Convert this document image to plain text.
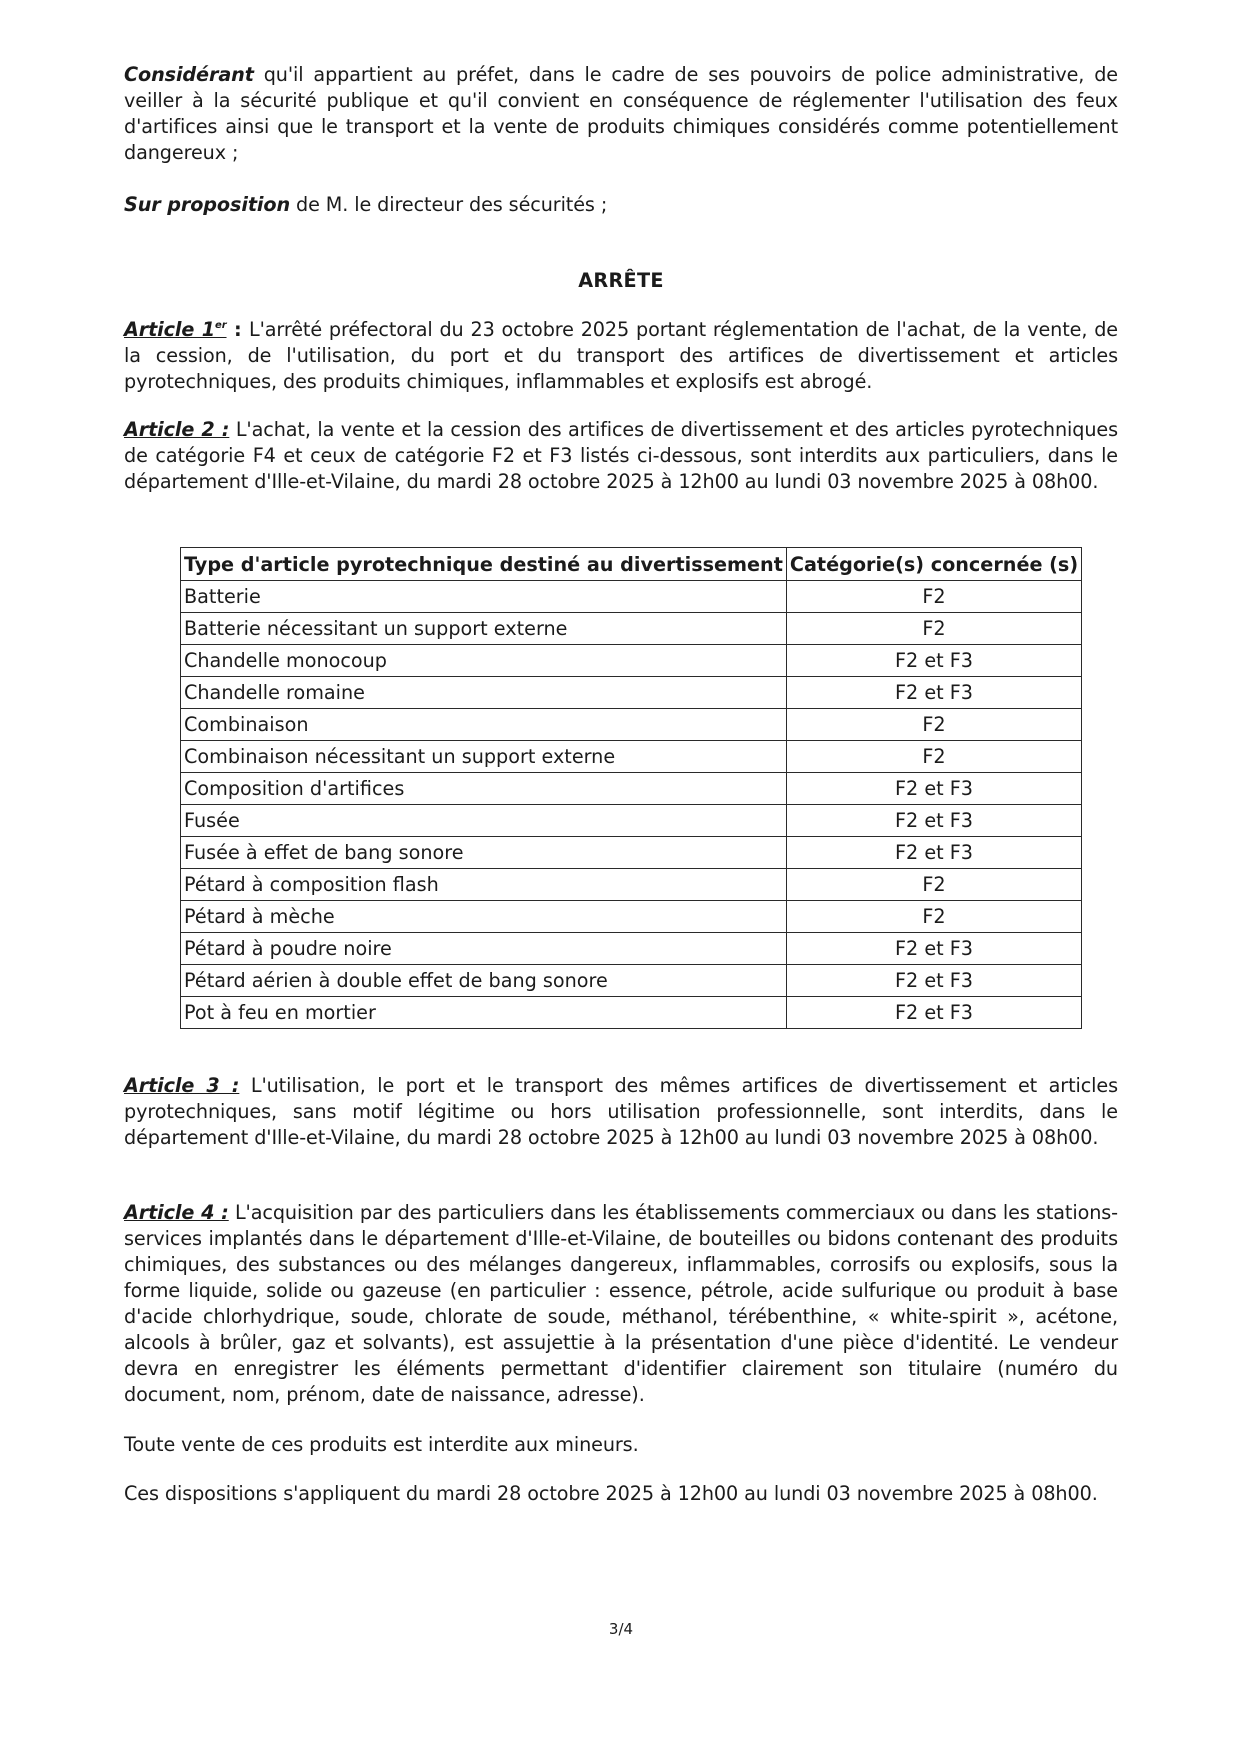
Considérant qu'il appartient au préfet, dans le cadre de ses pouvoirs de police administrative, de veiller à la sécurité publique et qu'il convient en conséquence de réglementer l'utilisation des feux d'artifices ainsi que le transport et la vente de produits chimiques considérés comme potentiellement dangereux ;

Sur proposition de M. le directeur des sécurités ;

ARRÊTE

Article 1er : L'arrêté préfectoral du 23 octobre 2025 portant réglementation de l'achat, de la vente, de la cession, de l'utilisation, du port et du transport des artifices de divertissement et articles pyrotechniques, des produits chimiques, inflammables et explosifs est abrogé.

Article 2 : L'achat, la vente et la cession des artifices de divertissement et des articles pyrotechniques de catégorie F4 et ceux de catégorie F2 et F3 listés ci-dessous, sont interdits aux particuliers, dans le département d'Ille-et-Vilaine, du mardi 28 octobre 2025 à 12h00 au lundi 03 novembre 2025 à 08h00.

Type d'article pyrotechnique destiné au divertissement	Catégorie(s) concernée (s)
Batterie	F2
Batterie nécessitant un support externe	F2
Chandelle monocoup	F2 et F3
Chandelle romaine	F2 et F3
Combinaison	F2
Combinaison nécessitant un support externe	F2
Composition d'artifices	F2 et F3
Fusée	F2 et F3
Fusée à effet de bang sonore	F2 et F3
Pétard à composition flash	F2
Pétard à mèche	F2
Pétard à poudre noire	F2 et F3
Pétard aérien à double effet de bang sonore	F2 et F3
Pot à feu en mortier	F2 et F3

Article 3 : L'utilisation, le port et le transport des mêmes artifices de divertissement et articles pyrotechniques, sans motif légitime ou hors utilisation professionnelle, sont interdits, dans le département d'Ille-et-Vilaine, du mardi 28 octobre 2025 à 12h00 au lundi 03 novembre 2025 à 08h00.

Article 4 : L'acquisition par des particuliers dans les établissements commerciaux ou dans les stations-services implantés dans le département d'Ille-et-Vilaine, de bouteilles ou bidons contenant des produits chimiques, des substances ou des mélanges dangereux, inflammables, corrosifs ou explosifs, sous la forme liquide, solide ou gazeuse (en particulier : essence, pétrole, acide sulfurique ou produit à base d'acide chlorhydrique, soude, chlorate de soude, méthanol, térébenthine, « white-spirit », acétone, alcools à brûler, gaz et solvants), est assujettie à la présentation d'une pièce d'identité. Le vendeur devra en enregistrer les éléments permettant d'identifier clairement son titulaire (numéro du document, nom, prénom, date de naissance, adresse).

Toute vente de ces produits est interdite aux mineurs.

Ces dispositions s'appliquent du mardi 28 octobre 2025 à 12h00 au lundi 03 novembre 2025 à 08h00.

3/4
